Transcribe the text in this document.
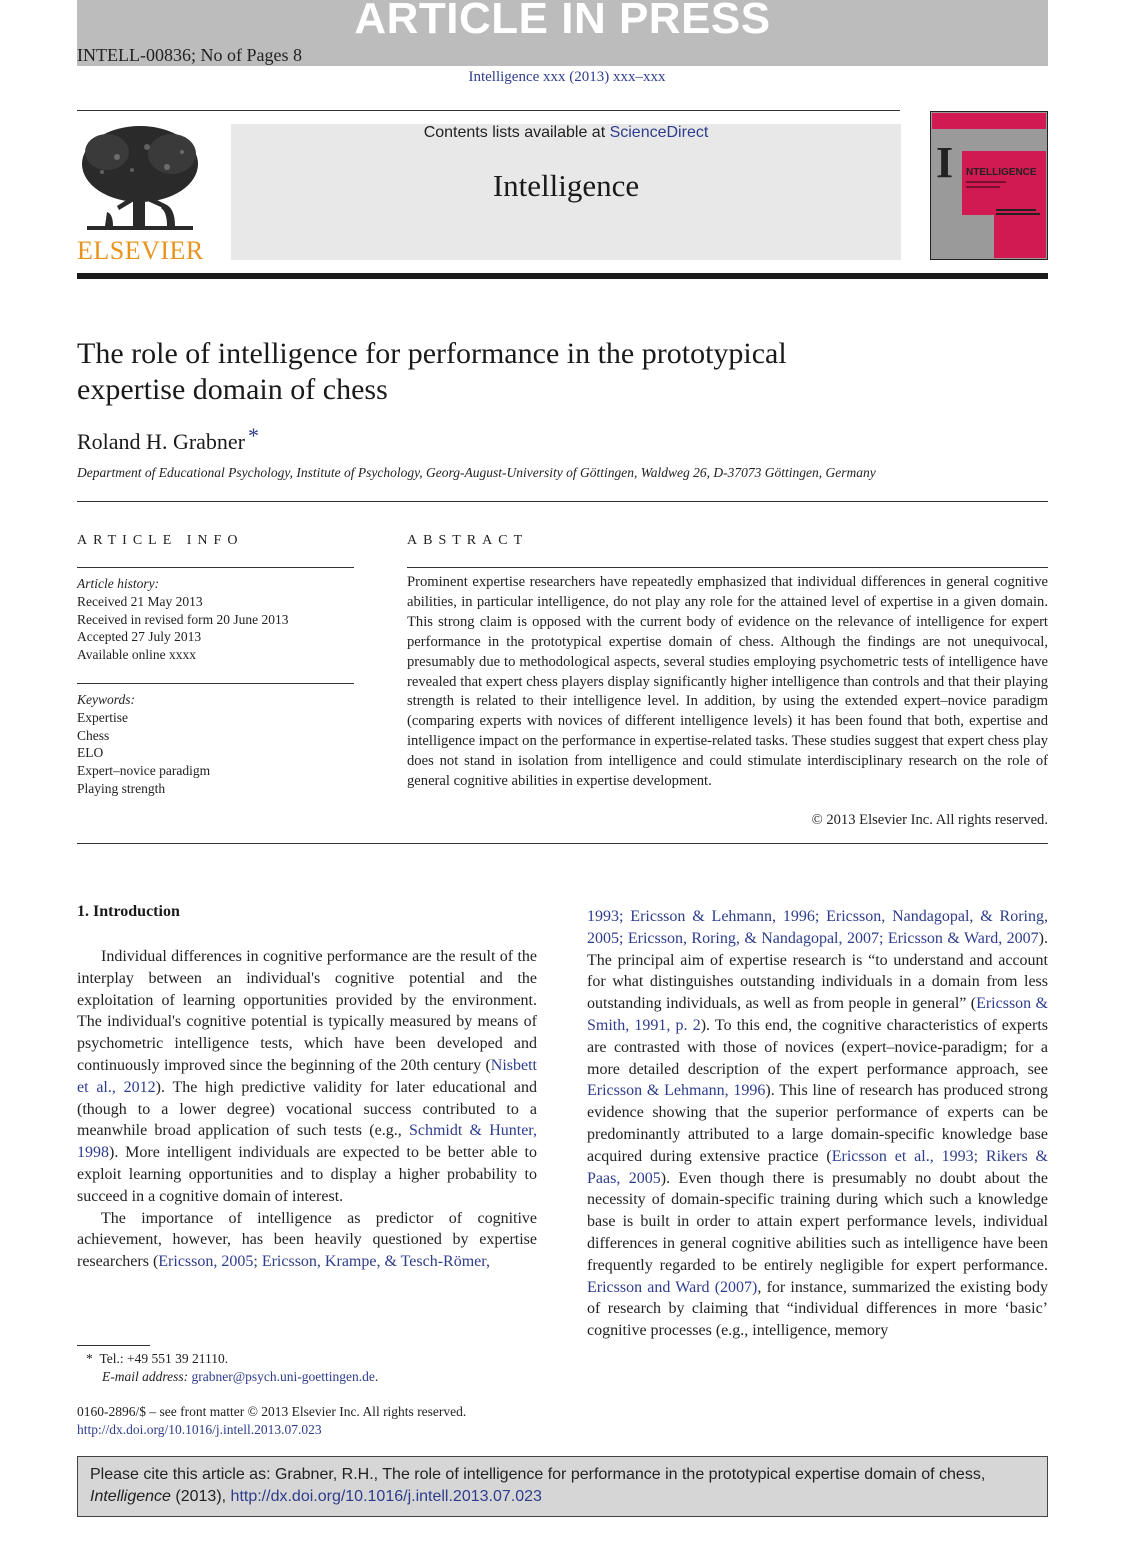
ARTICLE IN PRESS
INTELL-00836; No of Pages 8
Intelligence xxx (2013) xxx–xxx
ELSEVIER
Contents lists available at ScienceDirect
Intelligence	I NTELLIGENCE
The role of intelligence for performance in the prototypical
expertise domain of chess
Roland H. Grabner *
Department of Educational Psychology, Institute of Psychology, Georg-August-University of Göttingen, Waldweg 26, D-37073 Göttingen, Germany
ARTICLE INFO
Article history:
Received 21 May 2013
Received in revised form 20 June 2013
Accepted 27 July 2013
Available online xxxx
Keywords:
Expertise
Chess
ELO
Expert–novice paradigm
Playing strength
ABSTRACT
Prominent expertise researchers have repeatedly emphasized that individual differences in general cognitive abilities, in particular intelligence, do not play any role for the attained level of expertise in a given domain. This strong claim is opposed with the current body of evidence on the relevance of intelligence for expert performance in the prototypical expertise domain of chess. Although the findings are not unequivocal, presumably due to methodological aspects, several studies employing psychometric tests of intelligence have revealed that expert chess players display significantly higher intelligence than controls and that their playing strength is related to their intelligence level. In addition, by using the extended expert–novice paradigm (comparing experts with novices of different intelligence levels) it has been found that both, expertise and intelligence impact on the performance in expertise-related tasks. These studies suggest that expert chess play does not stand in isolation from intelligence and could stimulate interdisciplinary research on the role of general cognitive abilities in expertise development.
© 2013 Elsevier Inc. All rights reserved.
1. Introduction

Individual differences in cognitive performance are the result of the interplay between an individual's cognitive potential and the exploitation of learning opportunities provided by the environment. The individual's cognitive potential is typically measured by means of psychometric intelligence tests, which have been developed and continuously improved since the beginning of the 20th century (Nisbett et al., 2012). The high predictive validity for later educational and (though to a lower degree) vocational success contributed to a meanwhile broad application of such tests (e.g., Schmidt & Hunter, 1998). More intelligent individuals are expected to be better able to exploit learning opportunities and to display a higher probability to succeed in a cognitive domain of interest.

The importance of intelligence as predictor of cognitive achievement, however, has been heavily questioned by expertise researchers (Ericsson, 2005; Ericsson, Krampe, & Tesch-Römer,

1993; Ericsson & Lehmann, 1996; Ericsson, Nandagopal, & Roring, 2005; Ericsson, Roring, & Nandagopal, 2007; Ericsson & Ward, 2007). The principal aim of expertise research is “to understand and account for what distinguishes outstanding individuals in a domain from less outstanding individuals, as well as from people in general” (Ericsson & Smith, 1991, p. 2). To this end, the cognitive characteristics of experts are contrasted with those of novices (expert–novice-paradigm; for a more detailed description of the expert performance approach, see Ericsson & Lehmann, 1996). This line of research has produced strong evidence showing that the superior performance of experts can be predominantly attributed to a large domain-specific knowledge base acquired during extensive practice (Ericsson et al., 1993; Rikers & Paas, 2005). Even though there is presumably no doubt about the necessity of domain-specific training during which such a knowledge base is built in order to attain expert performance levels, individual differences in general cognitive abilities such as intelligence have been frequently regarded to be entirely negligible for expert performance. Ericsson and Ward (2007), for instance, summarized the existing body of research by claiming that “individual differences in more ‘basic’ cognitive processes (e.g., intelligence, memory

* Tel.: +49 551 39 21110.
E-mail address: grabner@psych.uni-goettingen.de.
0160-2896/$ – see front matter © 2013 Elsevier Inc. All rights reserved.
http://dx.doi.org/10.1016/j.intell.2013.07.023
Please cite this article as: Grabner, R.H., The role of intelligence for performance in the prototypical expertise domain of chess, Intelligence (2013), http://dx.doi.org/10.1016/j.intell.2013.07.023
